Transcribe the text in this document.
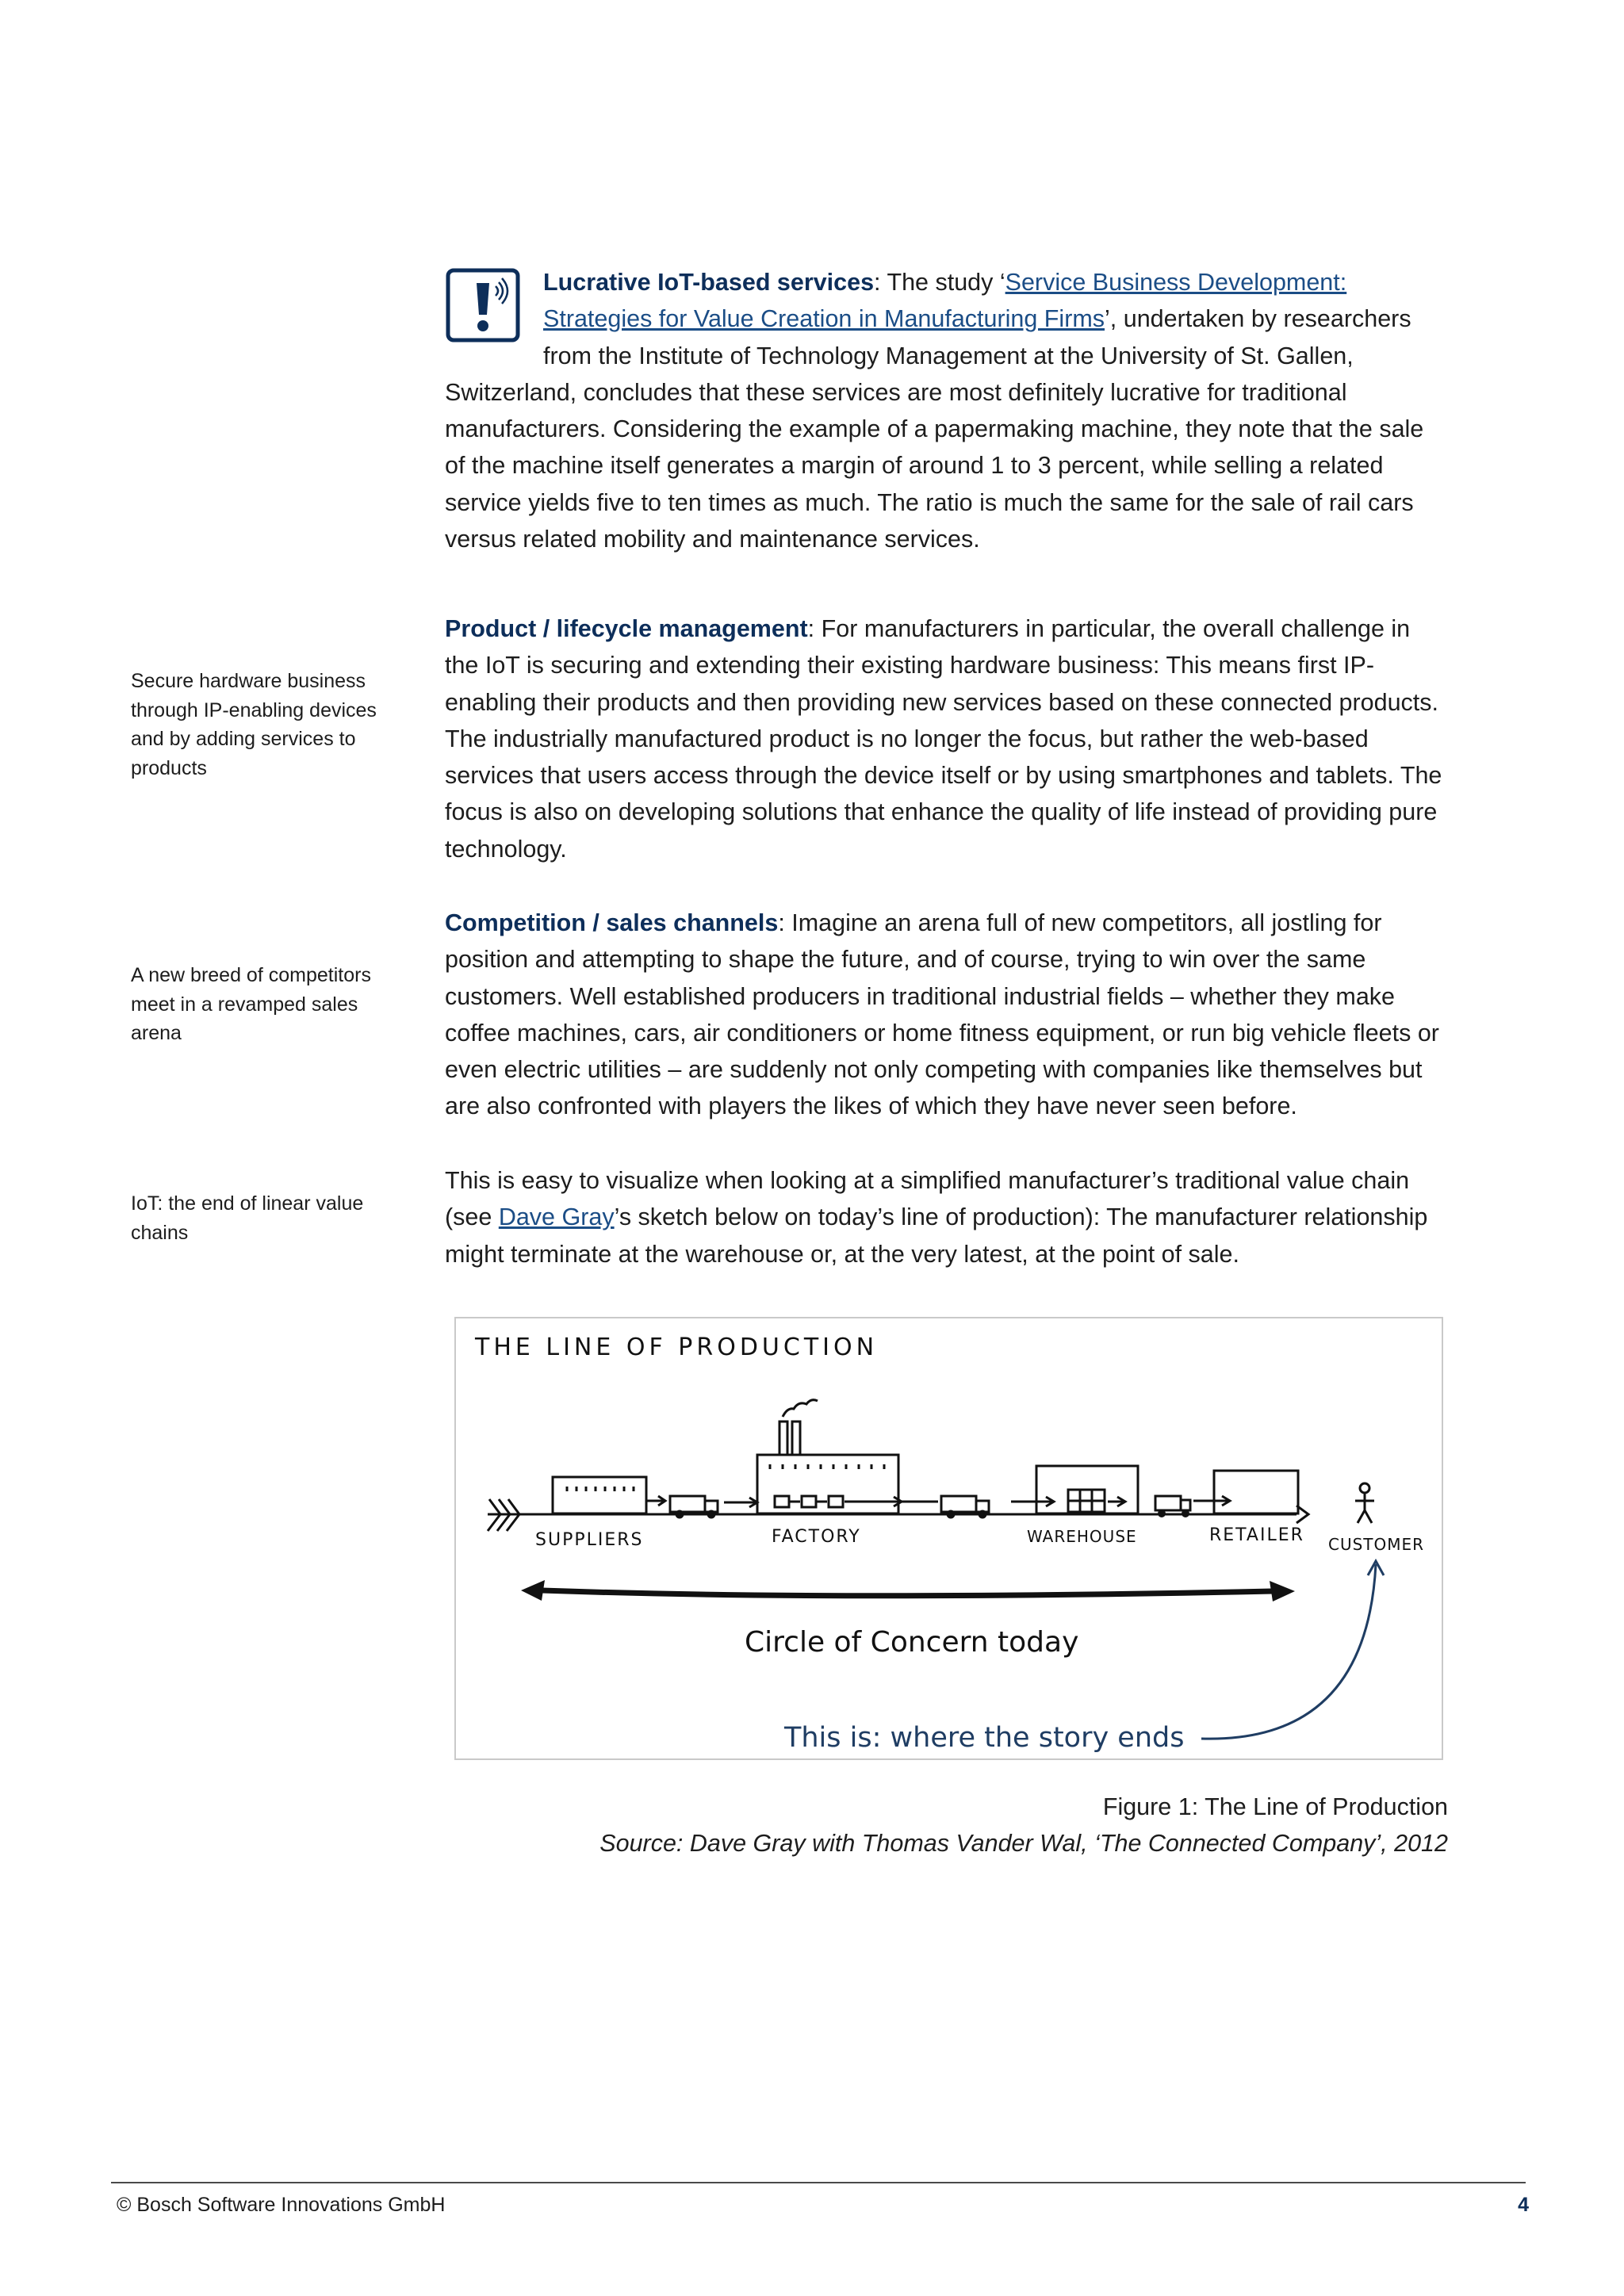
Lucrative IoT-based services: The study ‘Service Business Development: Strategies for Value Creation in Manufacturing Firms’, undertaken by researchers from the Institute of Technology Management at the University of St. Gallen, Switzerland, concludes that these services are most definitely lucrative for traditional manufacturers. Considering the example of a papermaking machine, they note that the sale of the machine itself generates a margin of around 1 to 3 percent, while selling a related service yields five to ten times as much. The ratio is much the same for the sale of rail cars versus related mobility and maintenance services.

Product / lifecycle management: For manufacturers in particular, the overall challenge in the IoT is securing and extending their existing hardware business: This means first IP-enabling their products and then providing new services based on these connected products. The industrially manufactured product is no longer the focus, but rather the web-based services that users access through the device itself or by using smartphones and tablets. The focus is also on developing solutions that enhance the quality of life instead of providing pure technology.

Competition / sales channels: Imagine an arena full of new competitors, all jostling for position and attempting to shape the future, and of course, trying to win over the same customers. Well established producers in traditional industrial fields – whether they make coffee machines, cars, air conditioners or home fitness equipment, or run big vehicle fleets or even electric utilities – are suddenly not only competing with companies like themselves but are also confronted with players the likes of which they have never seen before.

This is easy to visualize when looking at a simplified manufacturer’s traditional value chain (see Dave Gray’s sketch below on today’s line of production): The manufacturer relationship might terminate at the warehouse or, at the very latest, at the point of sale.

Secure hardware business through IP-enabling devices and by adding services to products

A new breed of competitors meet in a revamped sales arena

IoT: the end of linear value chains

THE LINE OF PRODUCTION
SUPPLIERS	FACTORY	WAREHOUSE	RETAILER CUSTOMER
Circle of Concern today
This is: where the story ends

Figure 1: The Line of Production

Source: Dave Gray with Thomas Vander Wal, ‘The Connected Company’, 2012

© Bosch Software Innovations GmbH	4
